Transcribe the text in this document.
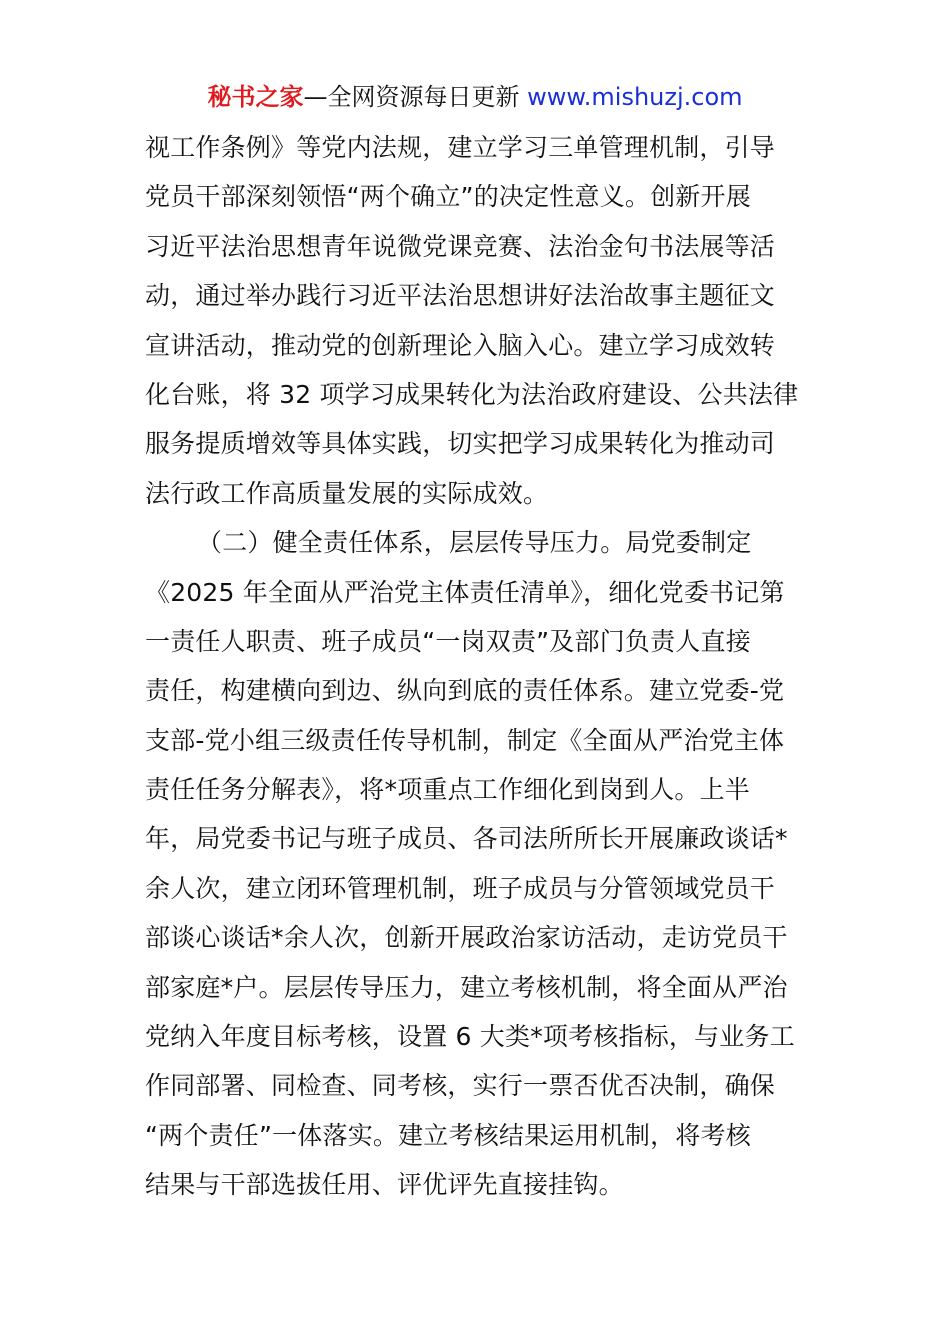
秘书之家—全网资源每日更新 www.mishuzj.com
视工作条例》等党内法规，建立学习三单管理机制，引导
党员干部深刻领悟“两个确立”的决定性意义。创新开展
习近平法治思想青年说微党课竞赛、法治金句书法展等活
动，通过举办践行习近平法治思想讲好法治故事主题征文
宣讲活动，推动党的创新理论入脑入心。建立学习成效转
化台账，将 32 项学习成果转化为法治政府建设、公共法律
服务提质增效等具体实践，切实把学习成果转化为推动司
法行政工作高质量发展的实际成效。
（二）健全责任体系，层层传导压力。局党委制定
《2025 年全面从严治党主体责任清单》，细化党委书记第
一责任人职责、班子成员“一岗双责”及部门负责人直接
责任，构建横向到边、纵向到底的责任体系。建立党委-党
支部-党小组三级责任传导机制，制定《全面从严治党主体
责任任务分解表》，将*项重点工作细化到岗到人。上半
年，局党委书记与班子成员、各司法所所长开展廉政谈话*
余人次，建立闭环管理机制，班子成员与分管领域党员干
部谈心谈话*余人次，创新开展政治家访活动，走访党员干
部家庭*户。层层传导压力，建立考核机制，将全面从严治
党纳入年度目标考核，设置 6 大类*项考核指标，与业务工
作同部署、同检查、同考核，实行一票否优否决制，确保
“两个责任”一体落实。建立考核结果运用机制，将考核
结果与干部选拔任用、评优评先直接挂钩。
